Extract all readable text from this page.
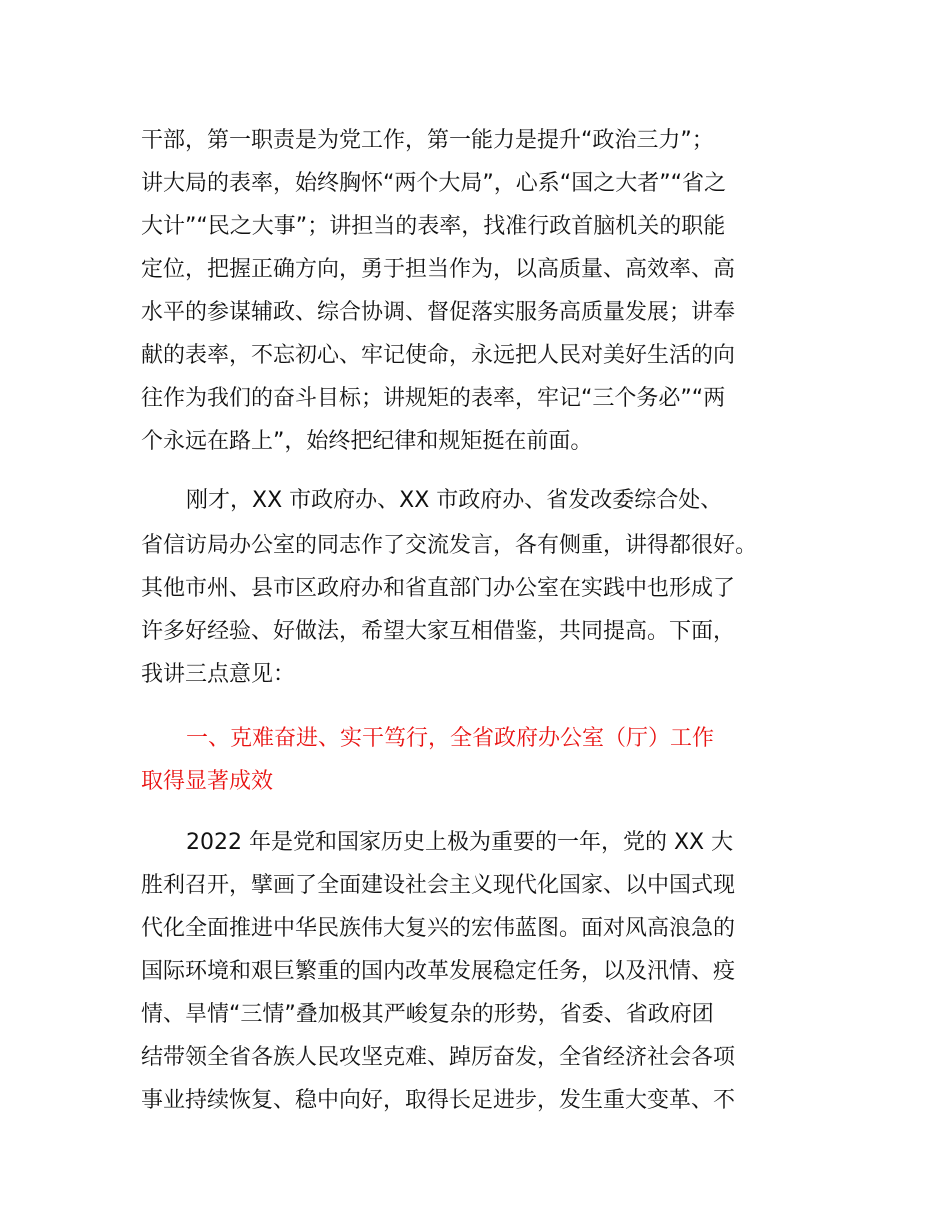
干部，第一职责是为党工作，第一能力是提升“政治三力”；
讲大局的表率，始终胸怀“两个大局”，心系“国之大者”“省之
大计”“民之大事”；讲担当的表率，找准行政首脑机关的职能
定位，把握正确方向，勇于担当作为，以高质量、高效率、高
水平的参谋辅政、综合协调、督促落实服务高质量发展；讲奉
献的表率，不忘初心、牢记使命，永远把人民对美好生活的向
往作为我们的奋斗目标；讲规矩的表率，牢记“三个务必”“两
个永远在路上”，始终把纪律和规矩挺在前面。
刚才，XX 市政府办、XX 市政府办、省发改委综合处、
省信访局办公室的同志作了交流发言，各有侧重，讲得都很好。
其他市州、县市区政府办和省直部门办公室在实践中也形成了
许多好经验、好做法，希望大家互相借鉴，共同提高。下面，
我讲三点意见：
一、克难奋进、实干笃行，全省政府办公室（厅）工作
取得显著成效
2022 年是党和国家历史上极为重要的一年，党的 XX 大
胜利召开，擘画了全面建设社会主义现代化国家、以中国式现
代化全面推进中华民族伟大复兴的宏伟蓝图。面对风高浪急的
国际环境和艰巨繁重的国内改革发展稳定任务，以及汛情、疫
情、旱情“三情”叠加极其严峻复杂的形势，省委、省政府团
结带领全省各族人民攻坚克难、踔厉奋发，全省经济社会各项
事业持续恢复、稳中向好，取得长足进步，发生重大变革、不
